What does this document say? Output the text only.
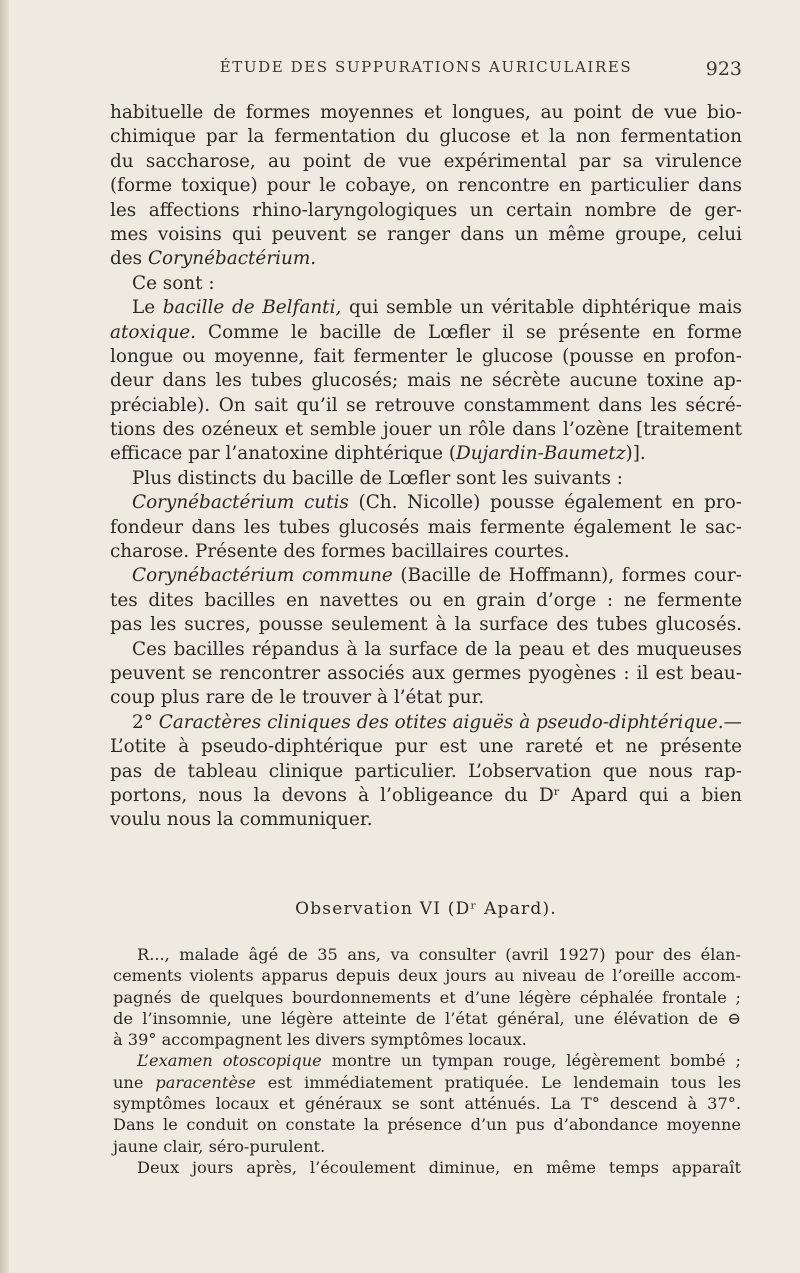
ÉTUDE DES SUPPURATIONS AURICULAIRES	923
habituelle de formes moyennes et longues, au point de vue bio-
chimique par la fermentation du glucose et la non fermentation
du saccharose, au point de vue expérimental par sa virulence
(forme toxique) pour le cobaye, on rencontre en particulier dans
les affections rhino-laryngologiques un certain nombre de ger-
mes voisins qui peuvent se ranger dans un même groupe, celui
des Corynébactérium.
Ce sont :
Le bacille de Belfanti, qui semble un véritable diphtérique mais
atoxique. Comme le bacille de Lœfler il se présente en forme
longue ou moyenne, fait fermenter le glucose (pousse en profon-
deur dans les tubes glucosés; mais ne sécrète aucune toxine ap-
préciable). On sait qu’il se retrouve constamment dans les sécré-
tions des ozéneux et semble jouer un rôle dans l’ozène [traitement
efficace par l’anatoxine diphtérique (Dujardin-Baumetz)].
Plus distincts du bacille de Lœfler sont les suivants :
Corynébactérium cutis (Ch. Nicolle) pousse également en pro-
fondeur dans les tubes glucosés mais fermente également le sac-
charose. Présente des formes bacillaires courtes.
Corynébactérium commune (Bacille de Hoffmann), formes cour-
tes dites bacilles en navettes ou en grain d’orge : ne fermente
pas les sucres, pousse seulement à la surface des tubes glucosés.
Ces bacilles répandus à la surface de la peau et des muqueuses
peuvent se rencontrer associés aux germes pyogènes : il est beau-
coup plus rare de le trouver à l’état pur.
2° Caractères cliniques des otites aiguës à pseudo-diphtérique.—
L’otite à pseudo-diphtérique pur est une rareté et ne présente
pas de tableau clinique particulier. L’observation que nous rap-
portons, nous la devons à l’obligeance du Dʳ Apard qui a bien
voulu nous la communiquer.
Observation VI (Dʳ Apard).
R..., malade âgé de 35 ans, va consulter (avril 1927) pour des élan-
cements violents apparus depuis deux jours au niveau de l’oreille accom-
pagnés de quelques bourdonnements et d’une légère céphalée frontale ;
de l’insomnie, une légère atteinte de l’état général, une élévation de ⊖
à 39° accompagnent les divers symptômes locaux.
L’examen otoscopique montre un tympan rouge, légèrement bombé ;
une paracentèse est immédiatement pratiquée. Le lendemain tous les
symptômes locaux et généraux se sont atténués. La T° descend à 37°.
Dans le conduit on constate la présence d’un pus d’abondance moyenne
jaune clair, séro-purulent.
Deux jours après, l’écoulement diminue, en même temps apparaît
